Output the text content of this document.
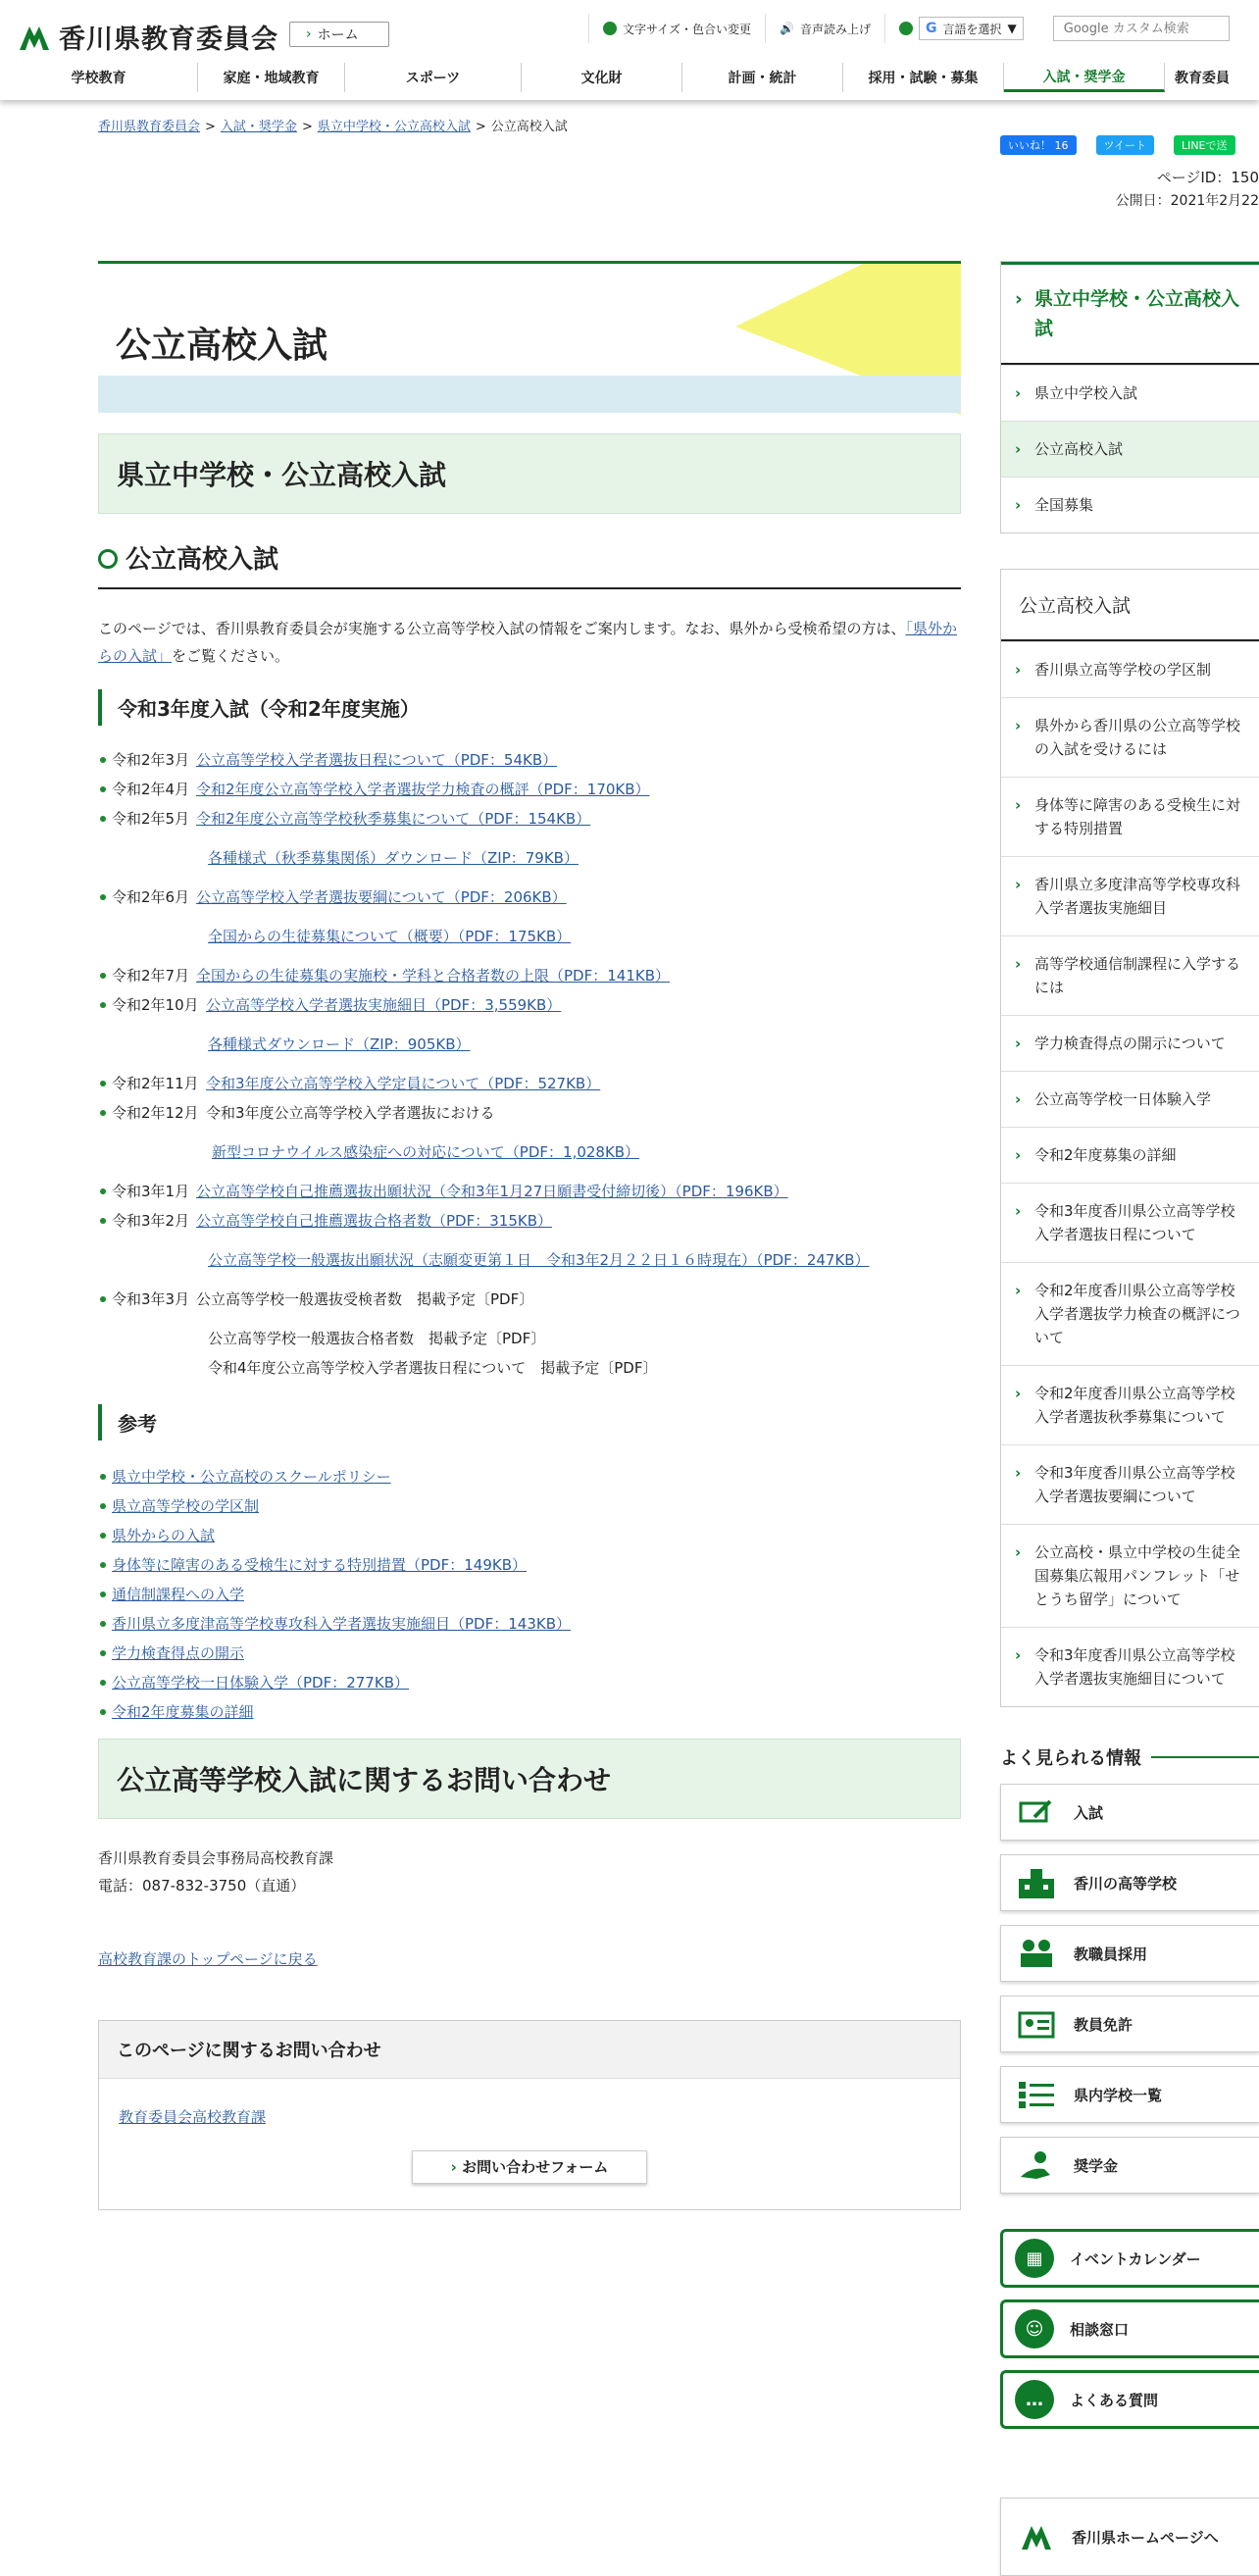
香川県教育委員会 › ホーム	文字サイズ・色合い変更 🔊 音声読み上げ	G 言語を選択 ▼
Google カスタム検索
学校教育	家庭・地域教育	スポーツ	文化財	計画・統計	採用・試験・募集	入試・奨学金	教育委員
香川県教育委員会 > 入試・奨学金 > 県立中学校・公立高校入試 > 公立高校入試
いいね！ 16	ツイート	LINEで送
ページID：150
公開日：2021年2月22
公立高校入試
県立中学校・公立高校入試
公立高校入試
このページでは、香川県教育委員会が実施する公立高等学校入試の情報をご案内します。なお、県外から受検希望の方は、「県外からの入試」をご覧ください。
令和3年度入試（令和2年度実施）
令和2年3月 公立高等学校入学者選抜日程について（PDF：54KB）
令和2年4月 令和2年度公立高等学校入学者選抜学力検査の概評（PDF：170KB）
令和2年5月 令和2年度公立高等学校秋季募集について（PDF：154KB）
各種様式（秋季募集関係）ダウンロード（ZIP：79KB）
令和2年6月 公立高等学校入学者選抜要綱について（PDF：206KB）
全国からの生徒募集について（概要）（PDF：175KB）
令和2年7月 全国からの生徒募集の実施校・学科と合格者数の上限（PDF：141KB）
令和2年10月 公立高等学校入学者選抜実施細目（PDF：3,559KB）
各種様式ダウンロード（ZIP：905KB）
令和2年11月 令和3年度公立高等学校入学定員について（PDF：527KB）
令和2年12月 令和3年度公立高等学校入学者選抜における
新型コロナウイルス感染症への対応について（PDF：1,028KB）
令和3年1月 公立高等学校自己推薦選抜出願状況（令和3年1月27日願書受付締切後）（PDF：196KB）
令和3年2月 公立高等学校自己推薦選抜合格者数（PDF：315KB）
公立高等学校一般選抜出願状況（志願変更第１日　令和3年2月２２日１６時現在）（PDF：247KB）
令和3年3月 公立高等学校一般選抜受検者数　掲載予定〔PDF〕
公立高等学校一般選抜合格者数　掲載予定〔PDF〕
令和4年度公立高等学校入学者選抜日程について　掲載予定〔PDF〕
参考
県立中学校・公立高校のスクールポリシー
県立高等学校の学区制
県外からの入試
身体等に障害のある受検生に対する特別措置（PDF：149KB）
通信制課程への入学
香川県立多度津高等学校専攻科入学者選抜実施細目（PDF：143KB）
学力検査得点の開示
公立高等学校一日体験入学（PDF：277KB）
令和2年度募集の詳細
公立高等学校入試に関するお問い合わせ
香川県教育委員会事務局高校教育課
電話：087-832-3750（直通）
高校教育課のトップページに戻る
このページに関するお問い合わせ
教育委員会高校教育課
› お問い合わせフォーム
› 県立中学校・公立高校入試
› 県立中学校入試
› 公立高校入試
› 全国募集
公立高校入試
› 香川県立高等学校の学区制
› 県外から香川県の公立高等学校の入試を受けるには
› 身体等に障害のある受検生に対する特別措置
› 香川県立多度津高等学校専攻科入学者選抜実施細目
› 高等学校通信制課程に入学するには
› 学力検査得点の開示について
› 公立高等学校一日体験入学
› 令和2年度募集の詳細
› 令和3年度香川県公立高等学校入学者選抜日程について
› 令和2年度香川県公立高等学校入学者選抜学力検査の概評について
› 令和2年度香川県公立高等学校入学者選抜秋季募集について
› 令和3年度香川県公立高等学校入学者選抜要綱について
› 公立高校・県立中学校の生徒全国募集広報用パンフレット「せとうち留学」について
› 令和3年度香川県公立高等学校入学者選抜実施細目について
よく見られる情報
入試
香川の高等学校
教職員採用
教員免許
県内学校一覧
奨学金
▦	イベントカレンダー
☺	相談窓口
…	よくある質問
香川県ホームページへ
